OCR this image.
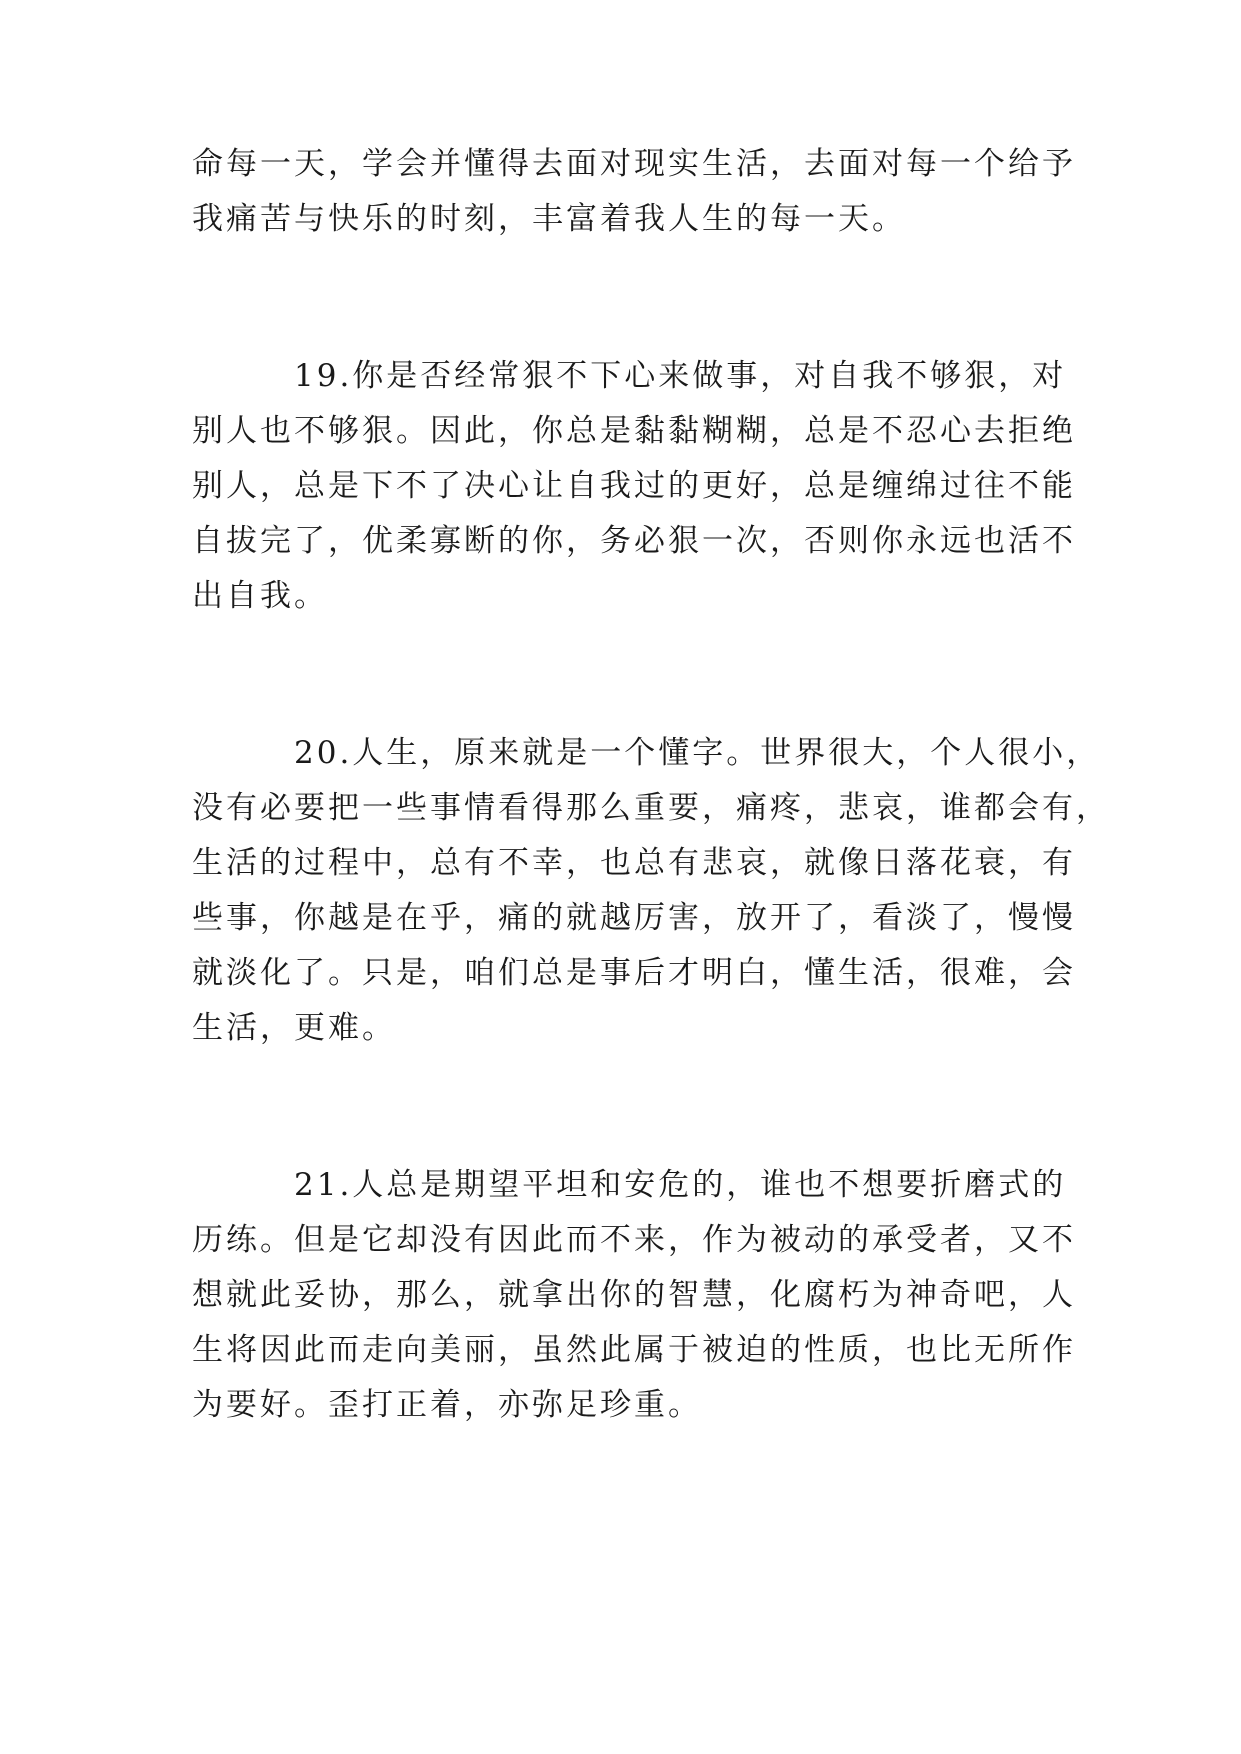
命每一天，学会并懂得去面对现实生活，去面对每一个给予
我痛苦与快乐的时刻，丰富着我人生的每一天。
19.你是否经常狠不下心来做事，对自我不够狠，对
别人也不够狠。因此，你总是黏黏糊糊，总是不忍心去拒绝
别人，总是下不了决心让自我过的更好，总是缠绵过往不能
自拔完了，优柔寡断的你，务必狠一次，否则你永远也活不
出自我。
20.人生，原来就是一个懂字。世界很大，个人很小，
没有必要把一些事情看得那么重要，痛疼，悲哀，谁都会有，
生活的过程中，总有不幸，也总有悲哀，就像日落花衰，有
些事，你越是在乎，痛的就越厉害，放开了，看淡了，慢慢
就淡化了。只是，咱们总是事后才明白，懂生活，很难，会
生活，更难。
21.人总是期望平坦和安危的，谁也不想要折磨式的
历练。但是它却没有因此而不来，作为被动的承受者，又不
想就此妥协，那么，就拿出你的智慧，化腐朽为神奇吧，人
生将因此而走向美丽，虽然此属于被迫的性质，也比无所作
为要好。歪打正着，亦弥足珍重。
